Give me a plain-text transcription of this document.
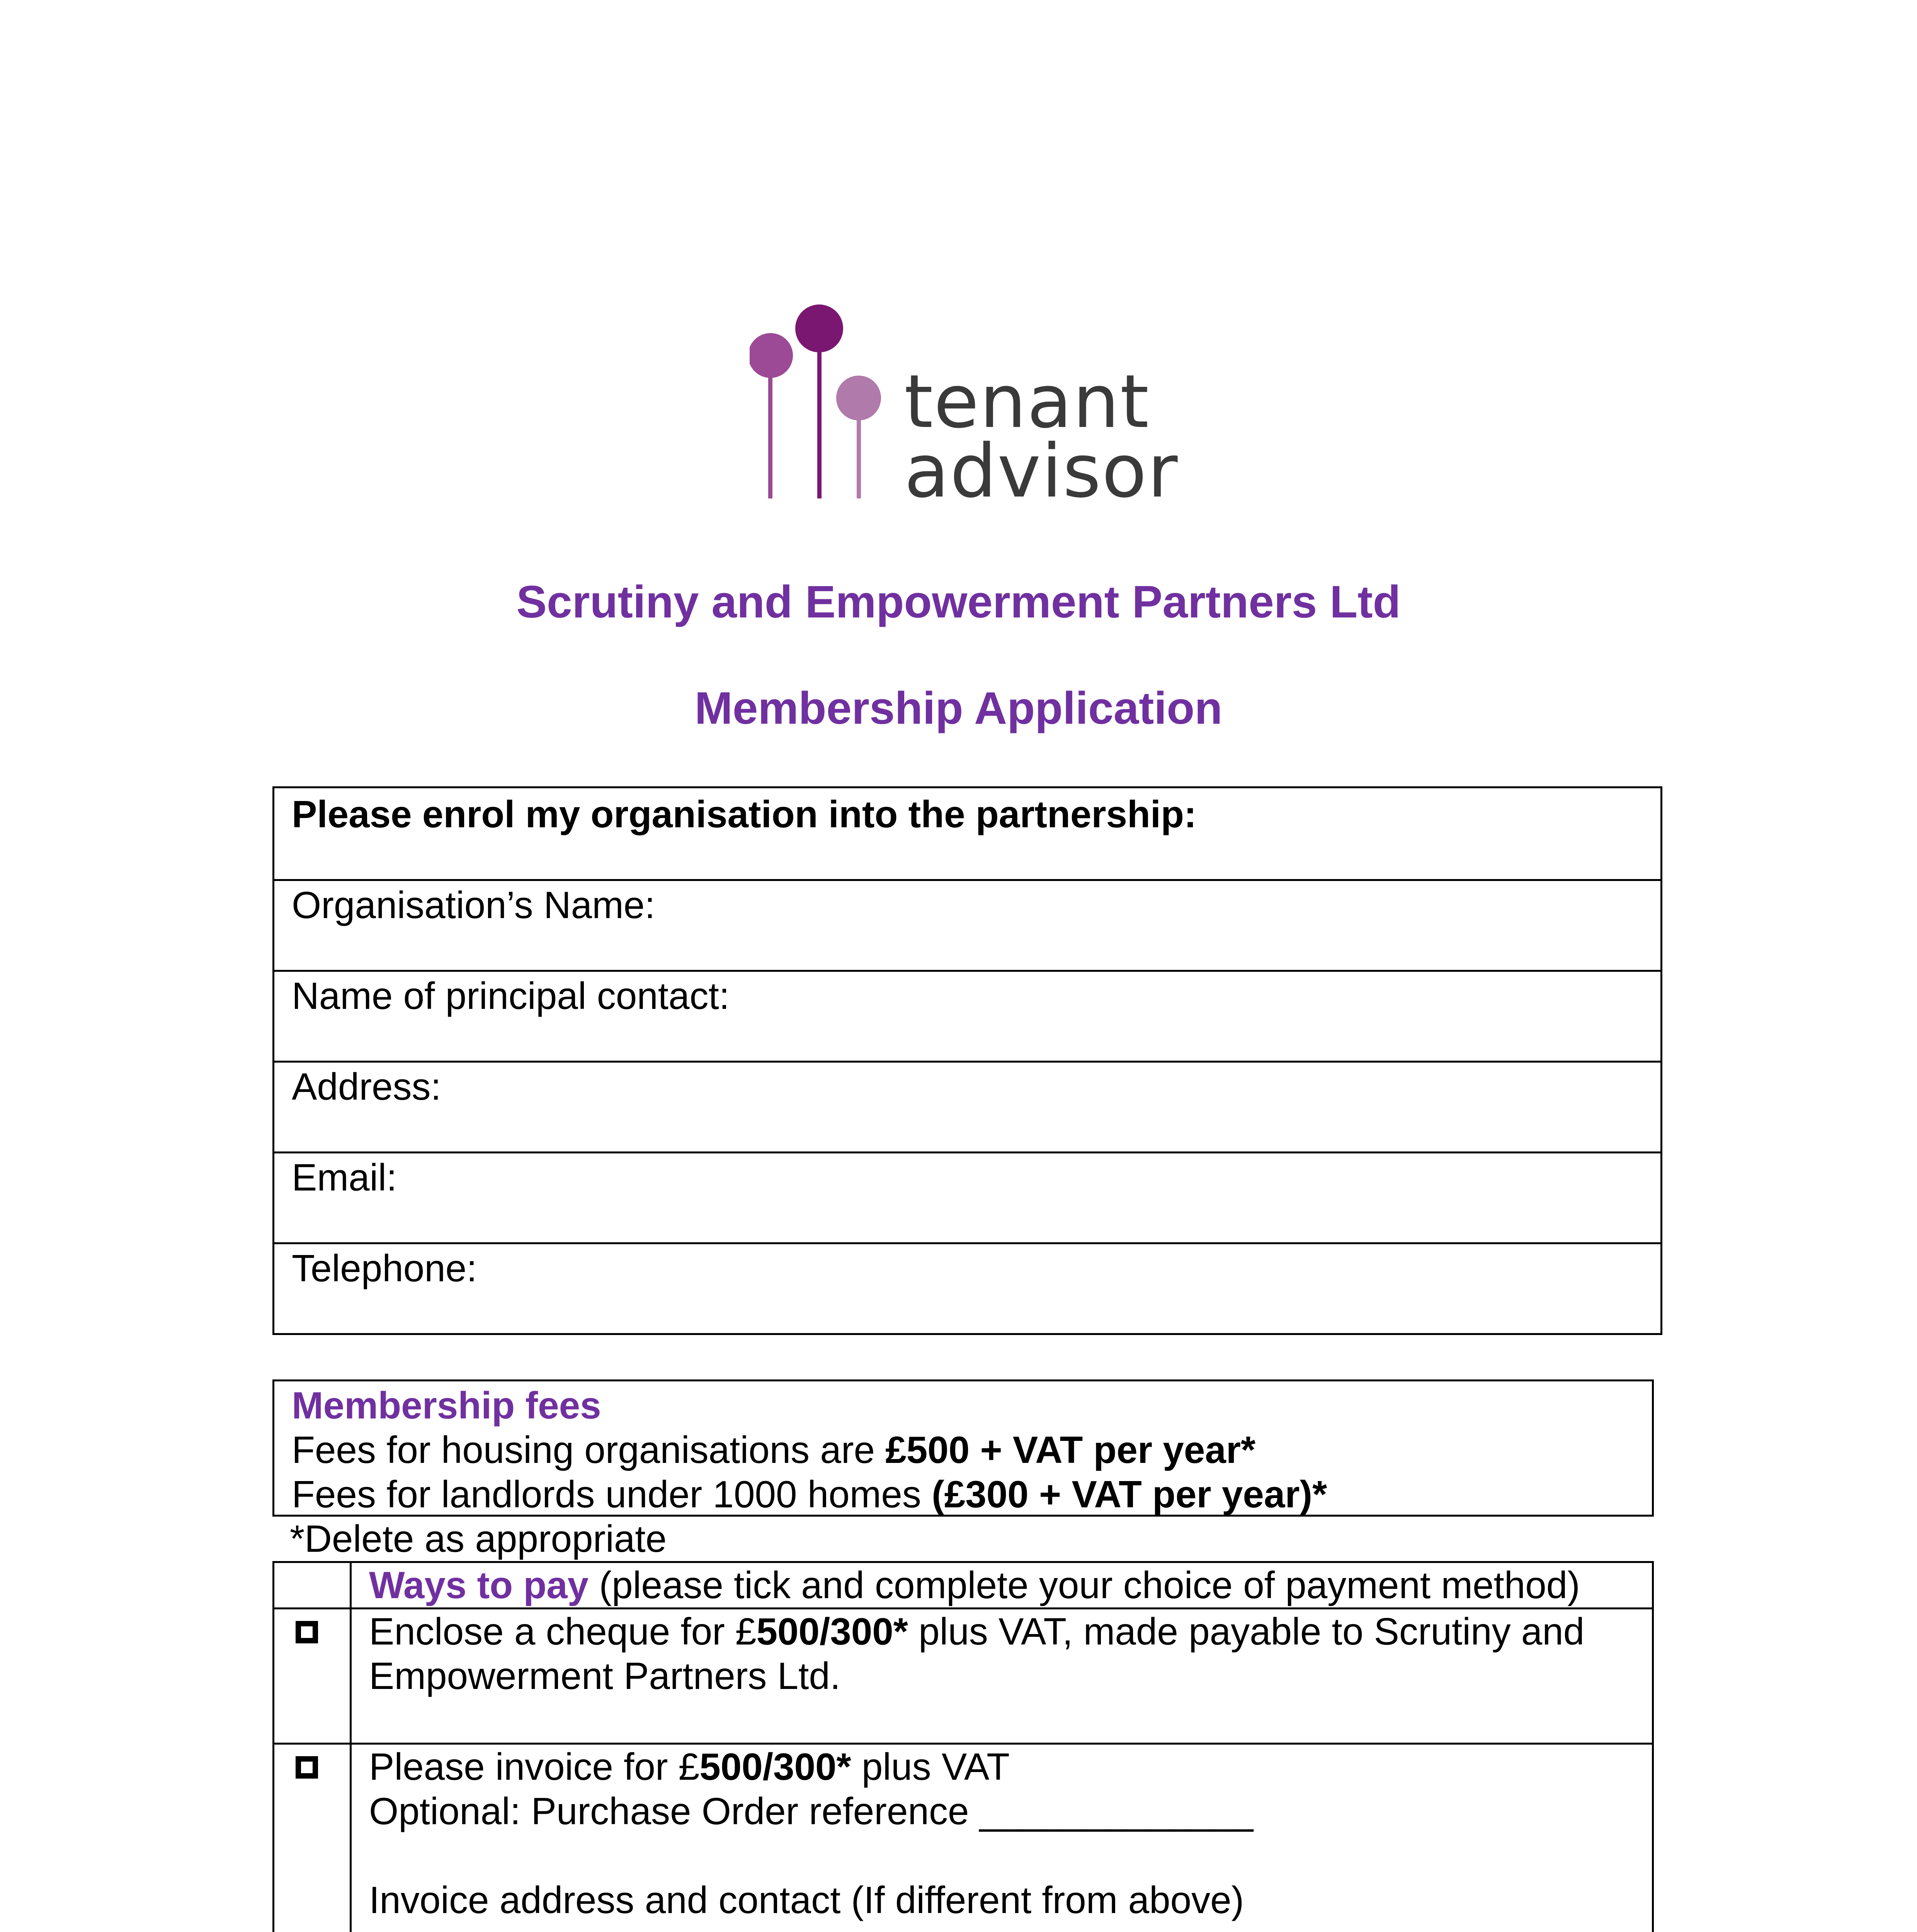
tenant
advisor
Scrutiny and Empowerment Partners Ltd
Membership Application
Please enrol my organisation into the partnership:
Organisation’s Name:
Name of principal contact:
Address:
Email:
Telephone:
Membership fees
Fees for housing organisations are £500 + VAT per year*
Fees for landlords under 1000 homes (£300 + VAT per year)*
*Delete as appropriate
Ways to pay (please tick and complete your choice of payment method)
Enclose a cheque for £500/300* plus VAT, made payable to Scrutiny and
Empowerment Partners Ltd.
Please invoice for £500/300* plus VAT
Optional: Purchase Order reference _____________
Invoice address and contact (If different from above)
